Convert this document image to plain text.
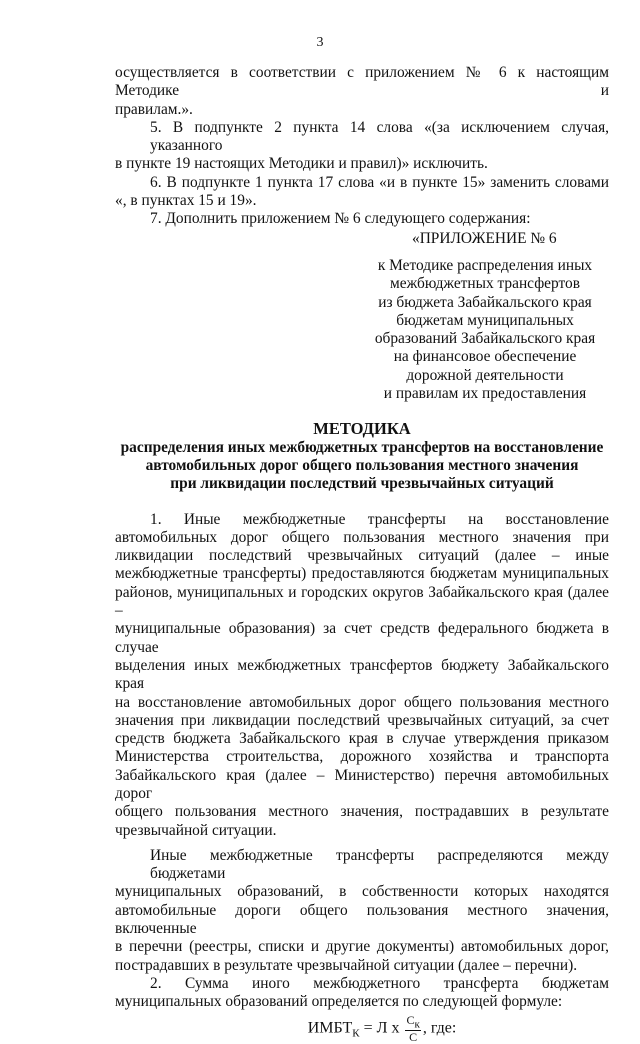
3
осуществляется в соответствии с приложением № 6 к настоящим Методике и
правилам.».
5. В подпункте 2 пункта 14 слова «(за исключением случая, указанного
в пункте 19 настоящих Методики и правил)» исключить.
6. В подпункте 1 пункта 17 слова «и в пункте 15» заменить словами
«, в пунктах 15 и 19».
7. Дополнить приложением № 6 следующего содержания:
«ПРИЛОЖЕНИЕ № 6
к Методике распределения иных
межбюджетных трансфертов
из бюджета Забайкальского края
бюджетам муниципальных
образований Забайкальского края
на финансовое обеспечение
дорожной деятельности
и правилам их предоставления
МЕТОДИКА
распределения иных межбюджетных трансфертов на восстановление
автомобильных дорог общего пользования местного значения
при ликвидации последствий чрезвычайных ситуаций
1. Иные межбюджетные трансферты на восстановление
автомобильных дорог общего пользования местного значения при
ликвидации последствий чрезвычайных ситуаций (далее – иные
межбюджетные трансферты) предоставляются бюджетам муниципальных
районов, муниципальных и городских округов Забайкальского края (далее –
муниципальные образования) за счет средств федерального бюджета в случае
выделения иных межбюджетных трансфертов бюджету Забайкальского края
на восстановление автомобильных дорог общего пользования местного
значения при ликвидации последствий чрезвычайных ситуаций, за счет
средств бюджета Забайкальского края в случае утверждения приказом
Министерства строительства, дорожного хозяйства и транспорта
Забайкальского края (далее – Министерство) перечня автомобильных дорог
общего пользования местного значения, пострадавших в результате
чрезвычайной ситуации.
Иные межбюджетные трансферты распределяются между бюджетами
муниципальных образований, в собственности которых находятся
автомобильные дороги общего пользования местного значения, включенные
в перечни (реестры, списки и другие документы) автомобильных дорог,
пострадавших в результате чрезвычайной ситуации (далее – перечни).
2. Сумма иного межбюджетного трансферта бюджетам
муниципальных образований определяется по следующей формуле:
$ИМБТ_К = Л$ х $\frac{C_к}{C}$ , где:
